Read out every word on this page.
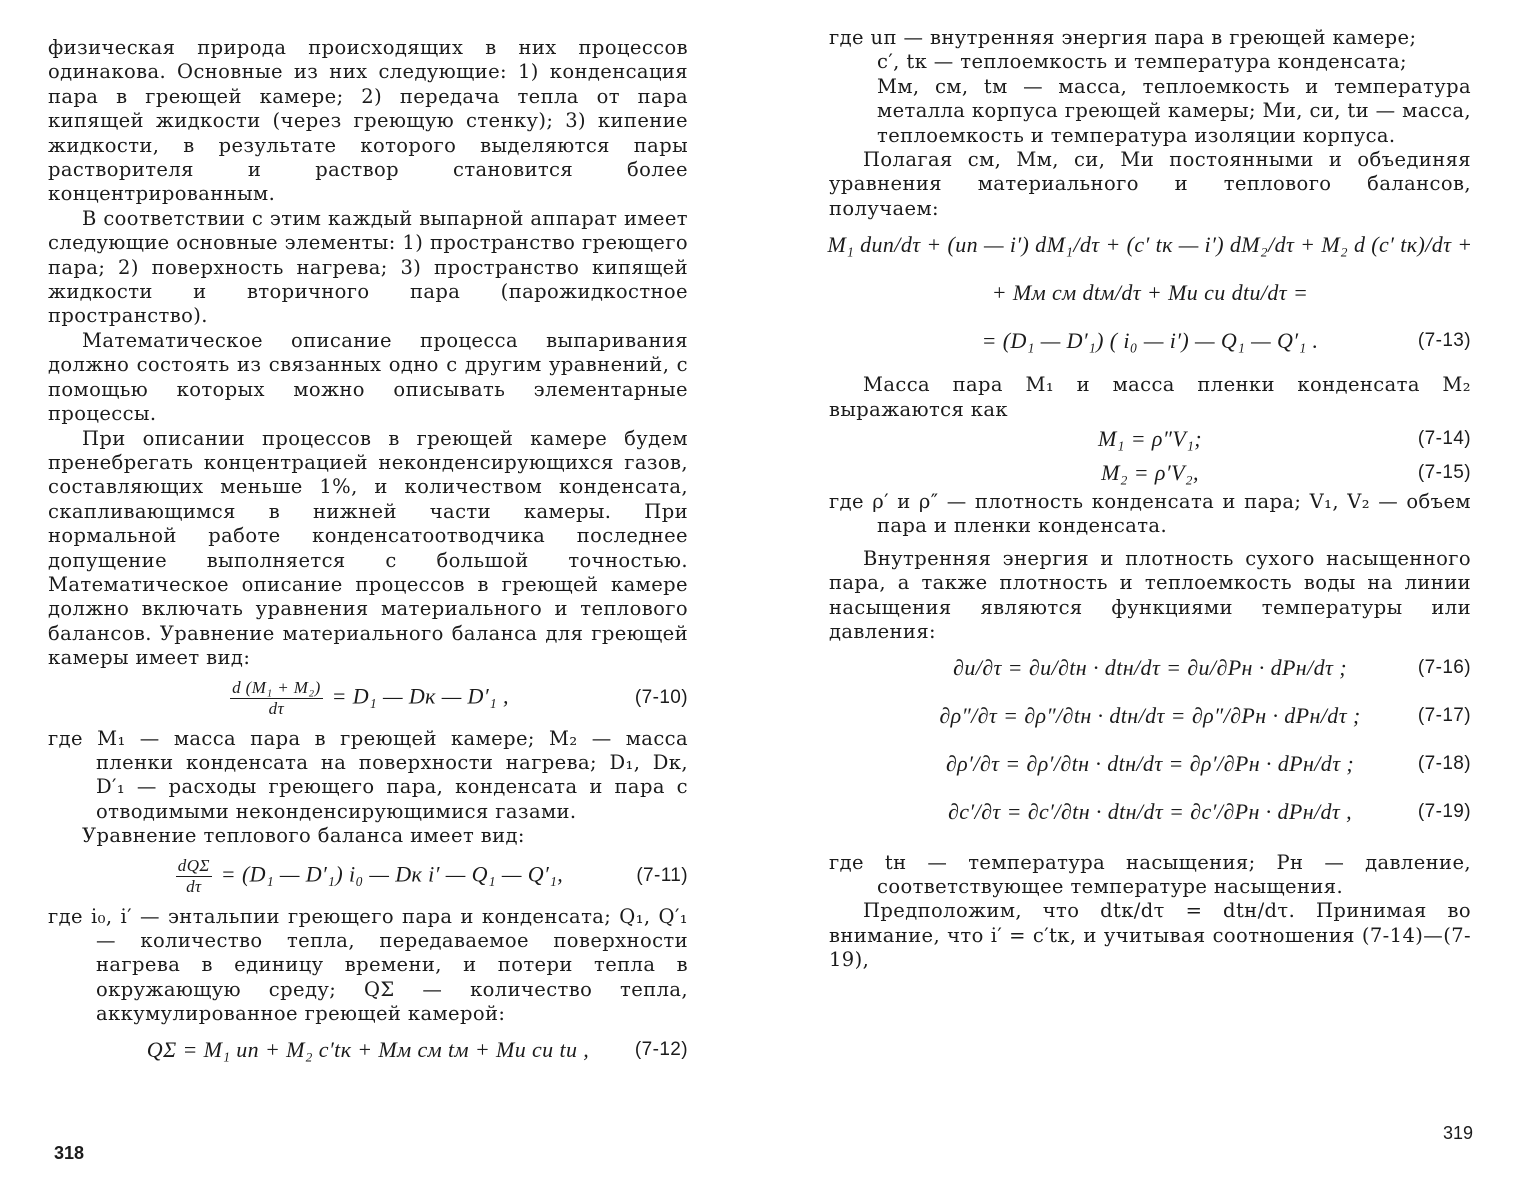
физическая природа происходящих в них процессов одинакова. Основные из них следующие: 1) конденсация пара в греющей камере; 2) передача тепла от пара кипящей жидкости (через греющую стенку); 3) кипение жидкости, в результате которого выделяются пары растворителя и раствор становится более концентрированным.

В соответствии с этим каждый выпарной аппарат имеет следующие основные элементы: 1) пространство греющего пара; 2) поверхность нагрева; 3) пространство кипящей жидкости и вторичного пара (парожидкостное пространство).

Математическое описание процесса выпаривания должно состоять из связанных одно с другим уравнений, с помощью которых можно описывать элементарные процессы.

При описании процессов в греющей камере будем пренебрегать концентрацией неконденсирующихся газов, составляющих меньше 1%, и количеством конденсата, скапливающимся в нижней части камеры. При нормальной работе конденсатоотводчика последнее допущение выполняется с большой точностью. Математическое описание процессов в греющей камере должно включать уравнения материального и теплового балансов. Уравнение материального баланса для греющей камеры имеет вид:

$\frac{\text{d (M₁ + M₂)}}{d\tau} = D_1$ — Dк — D′₁ ,	(7-10)

где M₁ — масса пара в греющей камере; M₂ — масса пленки конденсата на поверхности нагрева; D₁, Dк, D′₁ — расходы греющего пара, конденсата и пара с отводимыми неконденсирующимися газами.

Уравнение теплового баланса имеет вид:

$\frac{\text{dQΣ}}{d\tau} = (D_1$ — D′₁) i₀ — Dк i′ — Q₁ — Q′₁,	(7-11)

где i₀, i′ — энтальпии греющего пара и конденсата; Q₁, Q′₁ — количество тепла, передаваемое поверхности нагрева в единицу времени, и потери тепла в окружающую среду; QΣ — количество тепла, аккумулированное греющей камерой:

QΣ = M₁ uп + M₂ c′tк + Mм cм tм + Mи cи tи , (7-12)
318

где uп — внутренняя энергия пара в греющей камере;

c′, tк — теплоемкость и температура конденсата;

Mм, cм, tм — масса, теплоемкость и температура металла корпуса греющей камеры; Mи, cи, tи — масса, теплоемкость и температура изоляции корпуса.

Полагая cм, Mм, cи, Mи постоянными и объединяя уравнения материального и теплового балансов, получаем:

M₁ duп/dτ + (uп — i′) dM₁/dτ + (c′ tк — i′) dM₂/dτ + M₂ d (c′ tк)/dτ +
+ Mм cм dtм/dτ + Mи cи dtи/dτ =
= (D₁ — D′₁) ( i₀ — i′) — Q₁ — Q′₁ .	(7-13)

Масса пара M₁ и масса пленки конденсата M₂ выражаются как

M₁ = ρ″V₁;	(7-14)
M₂ = ρ′V₂,	(7-15)

где ρ′ и ρ″ — плотность конденсата и пара; V₁, V₂ — объем пара и пленки конденсата.

Внутренняя энергия и плотность сухого насыщенного пара, а также плотность и теплоемкость воды на линии насыщения являются функциями температуры или давления:

∂u/∂τ = ∂u/∂tн · dtн/dτ = ∂u/∂Pн · dPн/dτ ;	(7-16)
∂ρ″/∂τ = ∂ρ″/∂tн · dtн/dτ = ∂ρ″/∂Pн · dPн/dτ ;	(7-17)
∂ρ′/∂τ = ∂ρ′/∂tн · dtн/dτ = ∂ρ′/∂Pн · dPн/dτ ;	(7-18)
∂c′/∂τ = ∂c′/∂tн · dtн/dτ = ∂c′/∂Pн · dPн/dτ ,	(7-19)

где tн — температура насыщения; Pн — давление, соответствующее температуре насыщения.

Предположим, что dtк/dτ = dtн/dτ. Принимая во внимание, что i′ = c′tк, и учитывая соотношения (7-14)—(7-19),

319
